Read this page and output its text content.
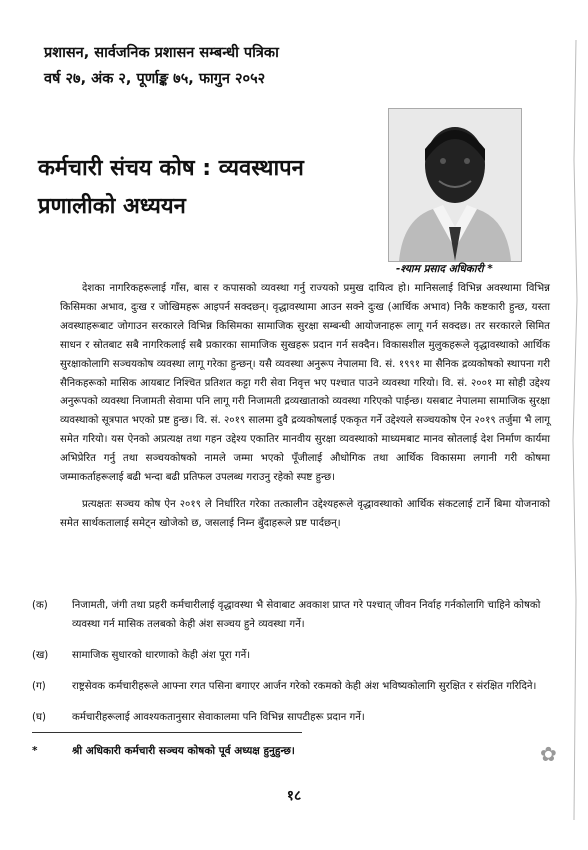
प्रशासन, सार्वजनिक प्रशासन सम्बन्धी पत्रिका
वर्ष २७, अंक २, पूर्णाङ्क ७५, फागुन २०५२
-श्याम प्रसाद अधिकारी *
कर्मचारी संचय कोष : व्यवस्थापन
प्रणालीको अध्ययन

देशका नागरिकहरूलाई गाँस, बास र कपासको व्यवस्था गर्नु राज्यको प्रमुख दायित्व हो। मानिसलाई विभिन्न अवस्थामा विभिन्न किसिमका अभाव, दुःख र जोखिमहरू आइपर्न सक्दछन्। वृद्धावस्थामा आउन सक्ने दुःख (आर्थिक अभाव) निकै कष्टकारी हुन्छ, यस्ता अवस्थाहरूबाट जोगाउन सरकारले विभिन्न किसिमका सामाजिक सुरक्षा सम्बन्धी आयोजनाहरू लागू गर्न सक्दछ। तर सरकारले सिमित साधन र स्रोतबाट सबै नागरिकलाई सबै प्रकारका सामाजिक सुखहरू प्रदान गर्न सक्दैन। विकासशील मुलुकहरूले वृद्धावस्थाको आर्थिक सुरक्षाकोलागि सञ्चयकोष व्यवस्था लागू गरेका हुन्छन्। यसै व्यवस्था अनुरूप नेपालमा वि. सं. १९९१ मा सैनिक द्रव्यकोषको स्थापना गरी सैनिकहरूको मासिक आयबाट निश्चित प्रतिशत कट्टा गरी सेवा निवृत्त भए पश्चात पाउने व्यवस्था गरियो। वि. सं. २००१ मा सोही उद्देश्य अनुरूपको व्यवस्था निजामती सेवामा पनि लागू गरी निजामती द्रव्यखाताको व्यवस्था गरिएको पाईन्छ। यसबाट नेपालमा सामाजिक सुरक्षा व्यवस्थाको सूत्रपात भएको प्रष्ट हुन्छ। वि. सं. २०१९ सालमा दुवै द्रव्यकोषलाई एककृत गर्ने उद्देश्यले सञ्चयकोष ऐन २०१९ तर्जुमा भै लागू समेत गरियो। यस ऐनको अप्रत्यक्ष तथा गहन उद्देश्य एकातिर मानवीय सुरक्षा व्यवस्थाको माध्यमबाट मानव स्रोतलाई देश निर्माण कार्यमा अभिप्रेरित गर्नु तथा सञ्चयकोषको नामले जम्मा भएको पूँजीलाई औधोगिक तथा आर्थिक विकासमा लगानी गरी कोषमा जम्माकर्ताहरूलाई बढी भन्दा बढी प्रतिफल उपलब्ध गराउनु रहेको स्पष्ट हुन्छ।

प्रत्यक्षतः सञ्चय कोष ऐन २०१९ ले निर्धारित गरेका तत्कालीन उद्देश्यहरूले वृद्धावस्थाको आर्थिक संकटलाई टार्ने बिमा योजनाको समेत सार्थकतालाई समेट्न खोजेको छ, जसलाई निम्न बुँदाहरूले प्रष्ट पार्दछन्।

(क)	निजामती, जंगी तथा प्रहरी कर्मचारीलाई वृद्धावस्था भै सेवाबाट अवकाश प्राप्त गरे पश्चात् जीवन निर्वाह गर्नकोलागि चाहिने कोषको व्यवस्था गर्न मासिक तलबको केही अंश सञ्चय हुने व्यवस्था गर्ने।
(ख)	सामाजिक सुधारको धारणाको केही अंश पूरा गर्ने।
(ग)	राष्ट्रसेवक कर्मचारीहरूले आफ्ना रगत पसिना बगाएर आर्जन गरेको रकमको केही अंश भविष्यकोलागि सुरक्षित र संरक्षित गरिदिने।
(घ)	कर्मचारीहरूलाई आवश्यकतानुसार सेवाकालमा पनि विभिन्न सापटीहरू प्रदान गर्ने।
*	श्री अधिकारी कर्मचारी सञ्चय कोषको पूर्व अध्यक्ष हुनुहुन्छ।
१८
✿
